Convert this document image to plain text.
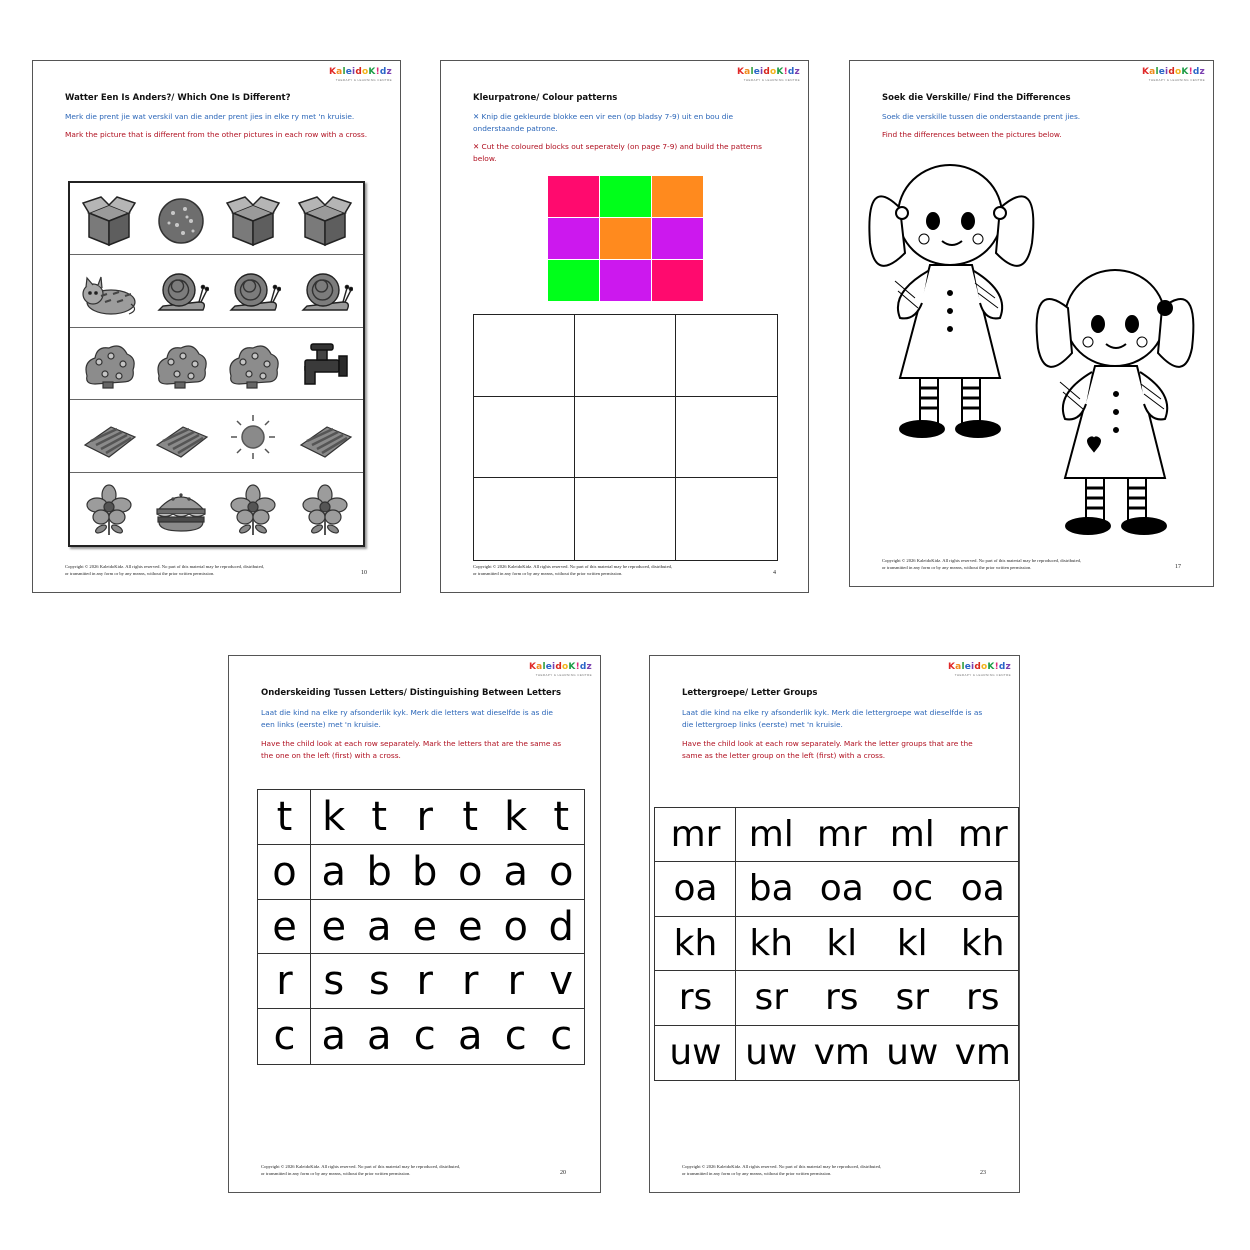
KaleidoK!dz
THERAPY & LEARNING CENTRE
Watter Een Is Anders?/ Which One Is Different?
Merk die prent jie wat verskil van die ander prent jies in elke ry met 'n kruisie.
Mark the picture that is different from the other pictures in each row with a cross.
Copyright © 2026 KaleidoKidz. All rights reserved. No part of this material may be reproduced, distributed,
or transmitted in any form or by any means, without the prior written permission.	10
KaleidoK!dz
THERAPY & LEARNING CENTRE
Kleurpatrone/ Colour patterns
✕ Knip die gekleurde blokke een vir een (op bladsy 7-9) uit en bou die onderstaande patrone.
✕ Cut the coloured blocks out seperately (on page 7-9) and build the patterns below.
Copyright © 2026 KaleidoKidz. All rights reserved. No part of this material may be reproduced, distributed,
or transmitted in any form or by any means, without the prior written permission.	4
KaleidoK!dz
THERAPY & LEARNING CENTRE
Soek die Verskille/ Find the Differences
Soek die verskille tussen die onderstaande prent jies.
Find the differences between the pictures below.
Copyright © 2026 KaleidoKidz. All rights reserved. No part of this material may be reproduced, distributed,
or transmitted in any form or by any means, without the prior written permission.	17
KaleidoK!dz
THERAPY & LEARNING CENTRE
Onderskeiding Tussen Letters/ Distinguishing Between Letters
Laat die kind na elke ry afsonderlik kyk. Merk die letters wat dieselfde is as die een links (eerste) met 'n kruisie.
Have the child look at each row separately. Mark the letters that are the same as the one on the left (first) with a cross.
t k t r t k t
o a b b o a o
e e a e e o d
r s s r r r v
c a a c a c c
Copyright © 2026 KaleidoKidz. All rights reserved. No part of this material may be reproduced, distributed,
or transmitted in any form or by any means, without the prior written permission.	20
KaleidoK!dz
THERAPY & LEARNING CENTRE
Lettergroepe/ Letter Groups
Laat die kind na elke ry afsonderlik kyk. Merk die lettergroepe wat dieselfde is as die lettergroep links (eerste) met 'n kruisie.
Have the child look at each row separately. Mark the letter groups that are the same as the letter group on the left (first) with a cross.
mr ml mr ml mr
oa ba oa oc oa
kh kh kl	kl kh
rs	sr	rs	sr	rs
uw uw vm uw vm
Copyright © 2026 KaleidoKidz. All rights reserved. No part of this material may be reproduced, distributed,
or transmitted in any form or by any means, without the prior written permission.	23
